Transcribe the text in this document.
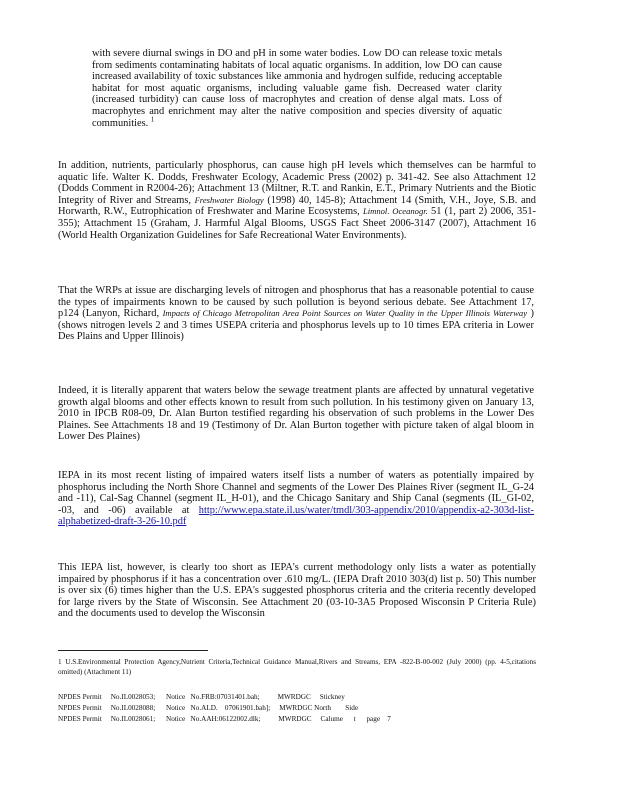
with severe diurnal swings in DO and pH in some water bodies. Low DO can release toxic metals from sediments contaminating habitats of local aquatic organisms. In addition, low DO can cause increased availability of toxic substances like ammonia and hydrogen sulfide, reducing acceptable habitat for most aquatic organisms, including valuable game fish. Decreased water clarity (increased turbidity) can cause loss of macrophytes and creation of dense algal mats. Loss of macrophytes and enrichment may alter the native composition and species diversity of aquatic communities. $^1$

In addition, nutrients, particularly phosphorus, can cause high pH levels which themselves can be harmful to aquatic life. Walter K. Dodds, Freshwater Ecology, Academic Press (2002) p. 341-42. See also Attachment 12 (Dodds Comment in R2004-26); Attachment 13 (Miltner, R.T. and Rankin, E.T., Primary Nutrients and the Biotic Integrity of River and Streams, Freshwater Biology (1998) 40, 145-8); Attachment 14 (Smith, V.H., Joye, S.B. and Horwarth, R.W., Eutrophication of Freshwater and Marine Ecosystems, Limnol. Oceanogr. 51 (1, part 2) 2006, 351-355); Attachment 15 (Graham, J. Harmful Algal Blooms, USGS Fact Sheet 2006-3147 (2007), Attachment 16 (World Health Organization Guidelines for Safe Recreational Water Environments).

That the WRPs at issue are discharging levels of nitrogen and phosphorus that has a reasonable potential to cause the types of impairments known to be caused by such pollution is beyond serious debate. See Attachment 17, p124 (Lanyon, Richard, Impacts of Chicago Metropolitan Area Point Sources on Water Quality in the Upper Illinois Waterway ) (shows nitrogen levels 2 and 3 times USEPA criteria and phosphorus levels up to 10 times EPA criteria in Lower Des Plains and Upper Illinois)

Indeed, it is literally apparent that waters below the sewage treatment plants are affected by unnatural vegetative growth algal blooms and other effects known to result from such pollution. In his testimony given on January 13, 2010 in IPCB R08-09, Dr. Alan Burton testified regarding his observation of such problems in the Lower Des Plaines. See Attachments 18 and 19 (Testimony of Dr. Alan Burton together with picture taken of algal bloom in Lower Des Plaines)

IEPA in its most recent listing of impaired waters itself lists a number of waters as potentially impaired by phosphorus including the North Shore Channel and segments of the Lower Des Plaines River (segment IL_G-24 and -11), Cal-Sag Channel (segment IL_H-01), and the Chicago Sanitary and Ship Canal (segments (IL_GI-02, -03, and -06) available at http://www.epa.state.il.us/water/tmdl/303-appendix/2010/appendix-a2-303d-list-alphabetized-draft-3-26-10.pdf

This IEPA list, however, is clearly too short as IEPA's current methodology only lists a water as potentially impaired by phosphorus if it has a concentration over .610 mg/L. (IEPA Draft 2010 303(d) list p. 50) This number is over six (6) times higher than the U.S. EPA's suggested phosphorus criteria and the criteria recently developed for large rivers by the State of Wisconsin. See Attachment 20 (03-10-3A5 Proposed Wisconsin P Criteria Rule) and the documents used to develop the Wisconsin

1 U.S.Environmental Protection Agency,Nutrient Criteria,Technical Guidance Manual,Rivers and Streams, EPA -822-B-00-002 (July 2000) (pp. 4-5,citations omitted) (Attachment 11)
NPDES Permit     No.IL0028053;      Notice   No.FRB:07031401.bah;          MWRDGC     Stickney
NPDES Permit     No.IL0028088;      Notice   No.ALD.    07061901.bah];     MWRDGC North        Side
NPDES Permit     No.IL0028061;      Notice   No.AAH:06122002.dlk;          MWRDGC     Calume      t      page    7
